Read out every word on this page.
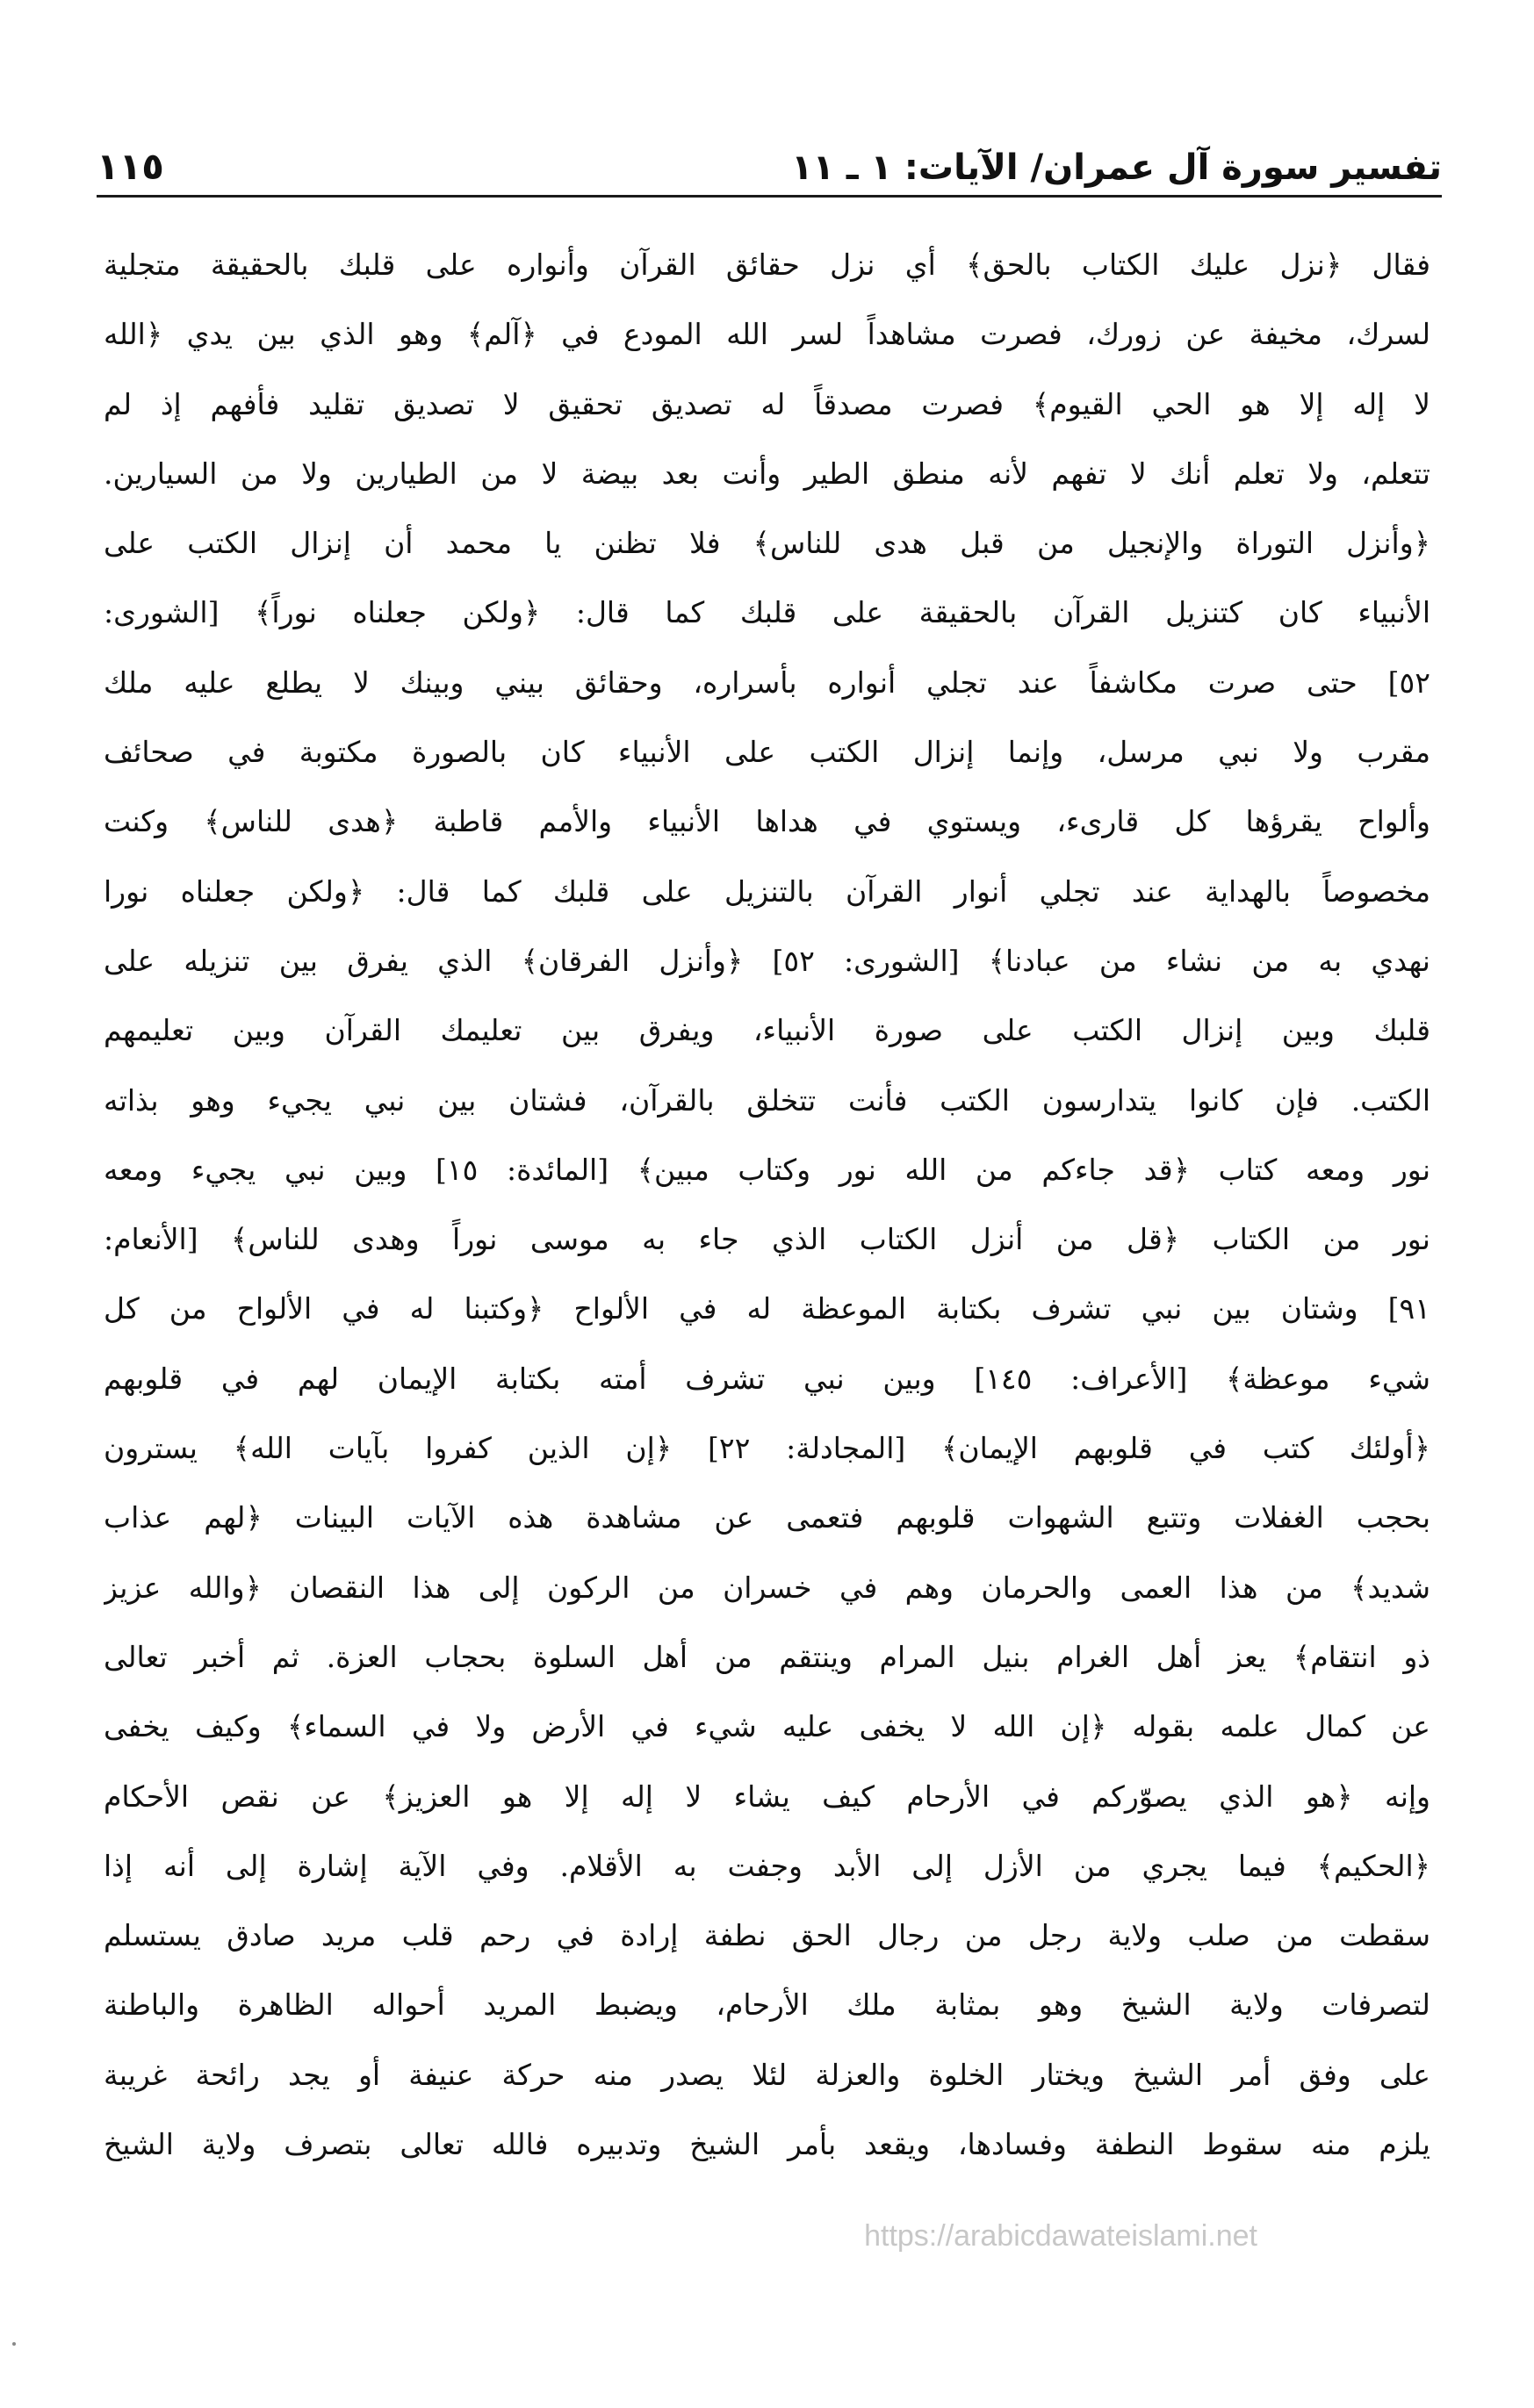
تفسير سورة آل عمران/ الآيات: ١ ـ ١١
١١٥
فقال ﴿نزل عليك الكتاب بالحق﴾ أي نزل حقائق القرآن وأنواره على قلبك بالحقيقة متجلية
لسرك، مخيفة عن زورك، فصرت مشاهداً لسر الله المودع في ﴿آلم﴾ وهو الذي بين يدي ﴿الله
لا إله إلا هو الحي القيوم﴾ فصرت مصدقاً له تصديق تحقيق لا تصديق تقليد فأفهم إذ لم
تتعلم، ولا تعلم أنك لا تفهم لأنه منطق الطير وأنت بعد بيضة لا من الطيارين ولا من السيارين.
﴿وأنزل التوراة والإنجيل من قبل هدى للناس﴾ فلا تظنن يا محمد أن إنزال الكتب على
الأنبياء كان كتنزيل القرآن بالحقيقة على قلبك كما قال: ﴿ولكن جعلناه نوراً﴾ [الشورى:
٥٢] حتى صرت مكاشفاً عند تجلي أنواره بأسراره، وحقائق بيني وبينك لا يطلع عليه ملك
مقرب ولا نبي مرسل، وإنما إنزال الكتب على الأنبياء كان بالصورة مكتوبة في صحائف
وألواح يقرؤها كل قارىء، ويستوي في هداها الأنبياء والأمم قاطبة ﴿هدى للناس﴾ وكنت
مخصوصاً بالهداية عند تجلي أنوار القرآن بالتنزيل على قلبك كما قال: ﴿ولكن جعلناه نورا
نهدي به من نشاء من عبادنا﴾ [الشورى: ٥٢] ﴿وأنزل الفرقان﴾ الذي يفرق بين تنزيله على
قلبك وبين إنزال الكتب على صورة الأنبياء، ويفرق بين تعليمك القرآن وبين تعليمهم
الكتب. فإن كانوا يتدارسون الكتب فأنت تتخلق بالقرآن، فشتان بين نبي يجيء وهو بذاته
نور ومعه كتاب ﴿قد جاءكم من الله نور وكتاب مبين﴾ [المائدة: ١٥] وبين نبي يجيء ومعه
نور من الكتاب ﴿قل من أنزل الكتاب الذي جاء به موسى نوراً وهدى للناس﴾ [الأنعام:
٩١] وشتان بين نبي تشرف بكتابة الموعظة له في الألواح ﴿وكتبنا له في الألواح من كل
شيء موعظة﴾ [الأعراف: ١٤٥] وبين نبي تشرف أمته بكتابة الإيمان لهم في قلوبهم
﴿أولئك كتب في قلوبهم الإيمان﴾ [المجادلة: ٢٢] ﴿إن الذين كفروا بآيات الله﴾ يسترون
بحجب الغفلات وتتبع الشهوات قلوبهم فتعمى عن مشاهدة هذه الآيات البينات ﴿لهم عذاب
شديد﴾ من هذا العمى والحرمان وهم في خسران من الركون إلى هذا النقصان ﴿والله عزيز
ذو انتقام﴾ يعز أهل الغرام بنيل المرام وينتقم من أهل السلوة بحجاب العزة. ثم أخبر تعالى
عن كمال علمه بقوله ﴿إن الله لا يخفى عليه شيء في الأرض ولا في السماء﴾ وكيف يخفى
وإنه ﴿هو الذي يصوّركم في الأرحام كيف يشاء لا إله إلا هو العزيز﴾ عن نقص الأحكام
﴿الحكيم﴾ فيما يجري من الأزل إلى الأبد وجفت به الأقلام. وفي الآية إشارة إلى أنه إذا
سقطت من صلب ولاية رجل من رجال الحق نطفة إرادة في رحم قلب مريد صادق يستسلم
لتصرفات ولاية الشيخ وهو بمثابة ملك الأرحام، ويضبط المريد أحواله الظاهرة والباطنة
على وفق أمر الشيخ ويختار الخلوة والعزلة لئلا يصدر منه حركة عنيفة أو يجد رائحة غريبة
يلزم منه سقوط النطفة وفسادها، ويقعد بأمر الشيخ وتدبيره فالله تعالى بتصرف ولاية الشيخ
https://arabicdawateislami.net
